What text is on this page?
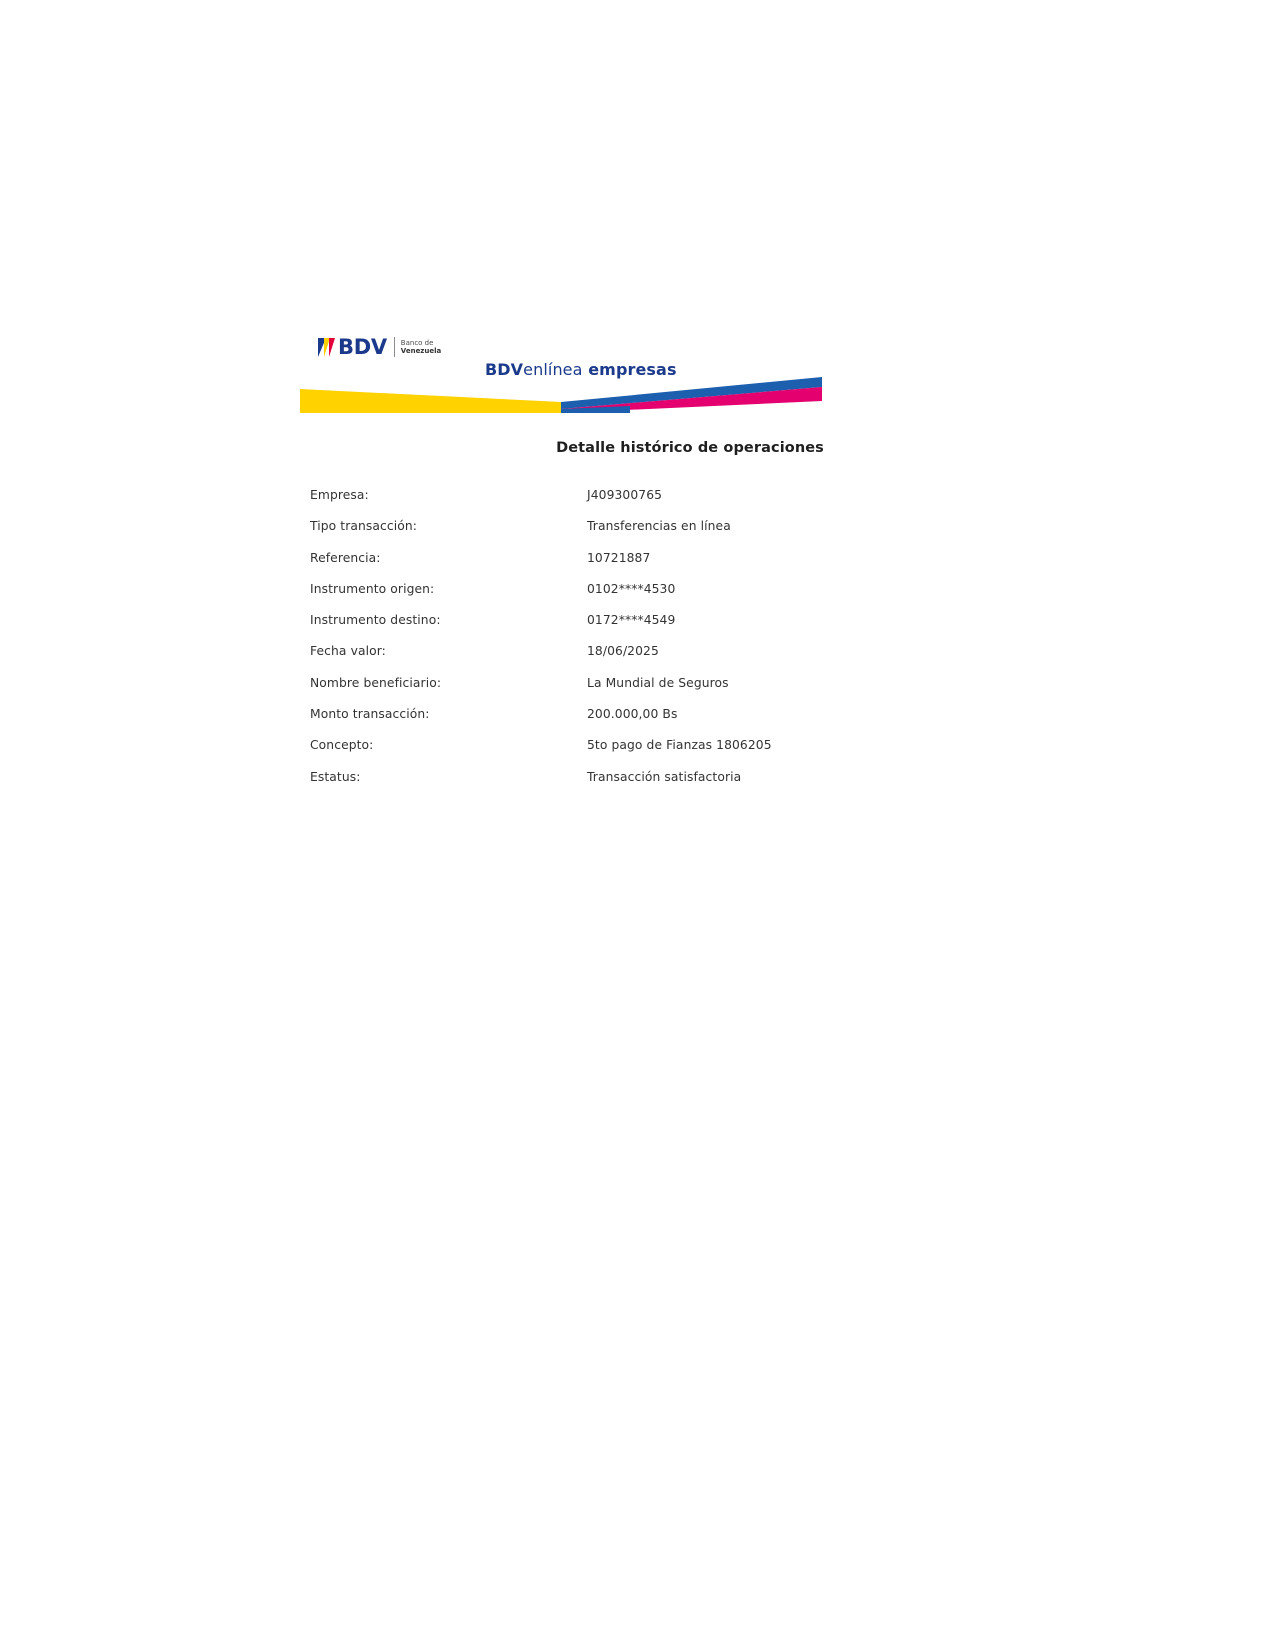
BDV Banco de
Venezuela
BDVenlínea empresas
Detalle histórico de operaciones
Empresa:	J409300765
Tipo transacción:	Transferencias en línea
Referencia:	10721887
Instrumento origen:	0102****4530
Instrumento destino:	0172****4549
Fecha valor:	18/06/2025
Nombre beneficiario:	La Mundial de Seguros
Monto transacción:	200.000,00 Bs
Concepto:	5to pago de Fianzas 1806205
Estatus:	Transacción satisfactoria
